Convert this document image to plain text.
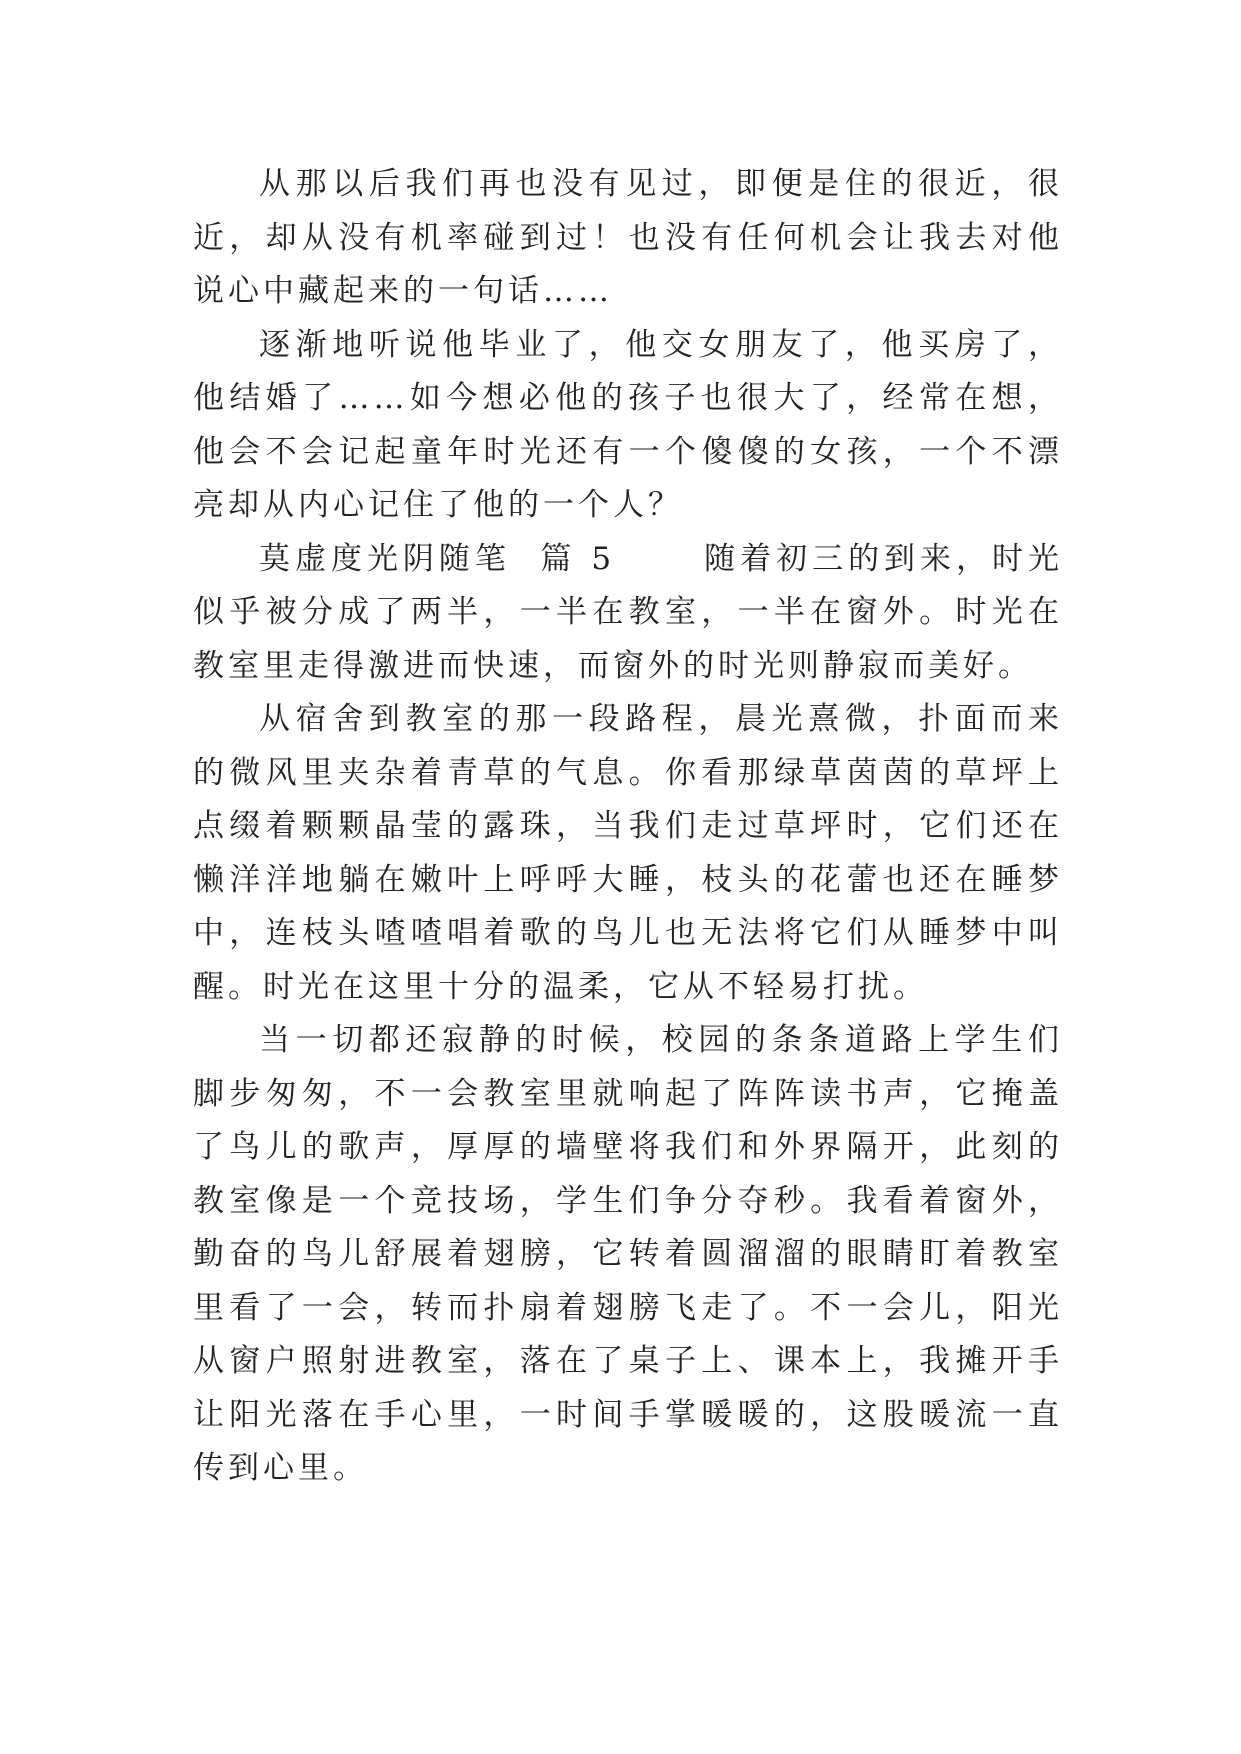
从那以后我们再也没有见过，即便是住的很近，很近，却从没有机率碰到过！也没有任何机会让我去对他说心中藏起来的一句话……

逐渐地听说他毕业了，他交女朋友了，他买房了，他结婚了……如今想必他的孩子也很大了，经常在想，他会不会记起童年时光还有一个傻傻的女孩，一个不漂亮却从内心记住了他的一个人？

莫虚度光阴随笔  篇 5      随着初三的到来，时光似乎被分成了两半，一半在教室，一半在窗外。时光在教室里走得激进而快速，而窗外的时光则静寂而美好。

从宿舍到教室的那一段路程，晨光熹微，扑面而来的微风里夹杂着青草的气息。你看那绿草茵茵的草坪上点缀着颗颗晶莹的露珠，当我们走过草坪时，它们还在懒洋洋地躺在嫩叶上呼呼大睡，枝头的花蕾也还在睡梦中，连枝头喳喳唱着歌的鸟儿也无法将它们从睡梦中叫醒。时光在这里十分的温柔，它从不轻易打扰。

当一切都还寂静的时候，校园的条条道路上学生们脚步匆匆，不一会教室里就响起了阵阵读书声，它掩盖了鸟儿的歌声，厚厚的墙壁将我们和外界隔开，此刻的教室像是一个竞技场，学生们争分夺秒。我看着窗外， 勤奋的鸟儿舒展着翅膀，它转着圆溜溜的眼睛盯着教室里看了一会，转而扑扇着翅膀飞走了。不一会儿，阳光从窗户照射进教室，落在了桌子上、课本上，我摊开手让阳光落在手心里，一时间手掌暖暖的，这股暖流一直传到心里。
